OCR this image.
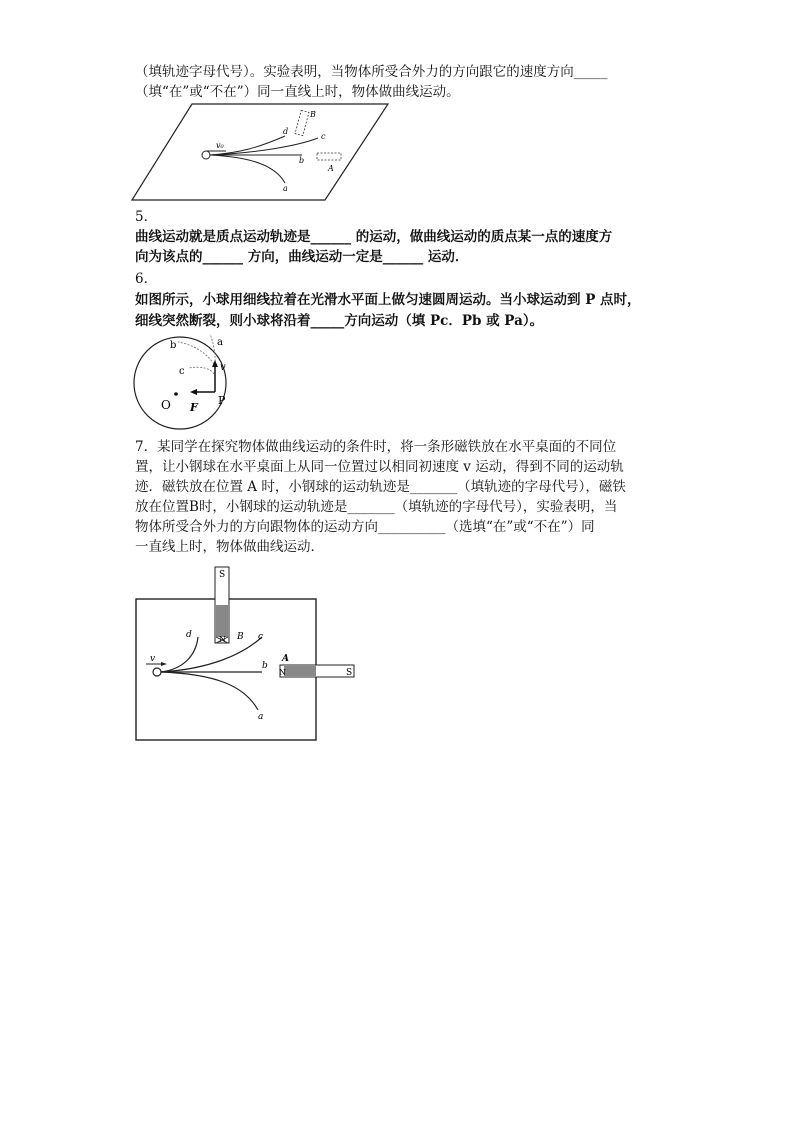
（填轨迹字母代号）。实验表明，当物体所受合外力的方向跟它的速度方向_____
（填“在”或“不在”）同一直线上时，物体做曲线运动。
v₀
d
c
b
a
B
A
5．
曲线运动就是质点运动轨迹是______ 的运动，做曲线运动的质点某一点的速度方
向为该点的______ 方向，曲线运动一定是______ 运动．
6．
如图所示，小球用细线拉着在光滑水平面上做匀速圆周运动。当小球运动到 P 点时，
细线突然断裂，则小球将沿着_____方向运动（填 Pc．Pb 或 Pa）。
b	a
v
c
O F
P
7．某同学在探究物体做曲线运动的条件时，将一条形磁铁放在水平桌面的不同位
置，让小钢球在水平桌面上从同一位置过以相同初速度 v 运动，得到不同的运动轨
迹．磁铁放在位置 A 时，小钢球的运动轨迹是_______（填轨迹的字母代号），磁铁
放在位置B时，小钢球的运动轨迹是_______（填轨迹的字母代号），实验表明，当
物体所受合外力的方向跟物体的运动方向__________（选填“在”或“不在”）同
一直线上时，物体做曲线运动．
S
N
d	B c
v
b
A
N	S
a
